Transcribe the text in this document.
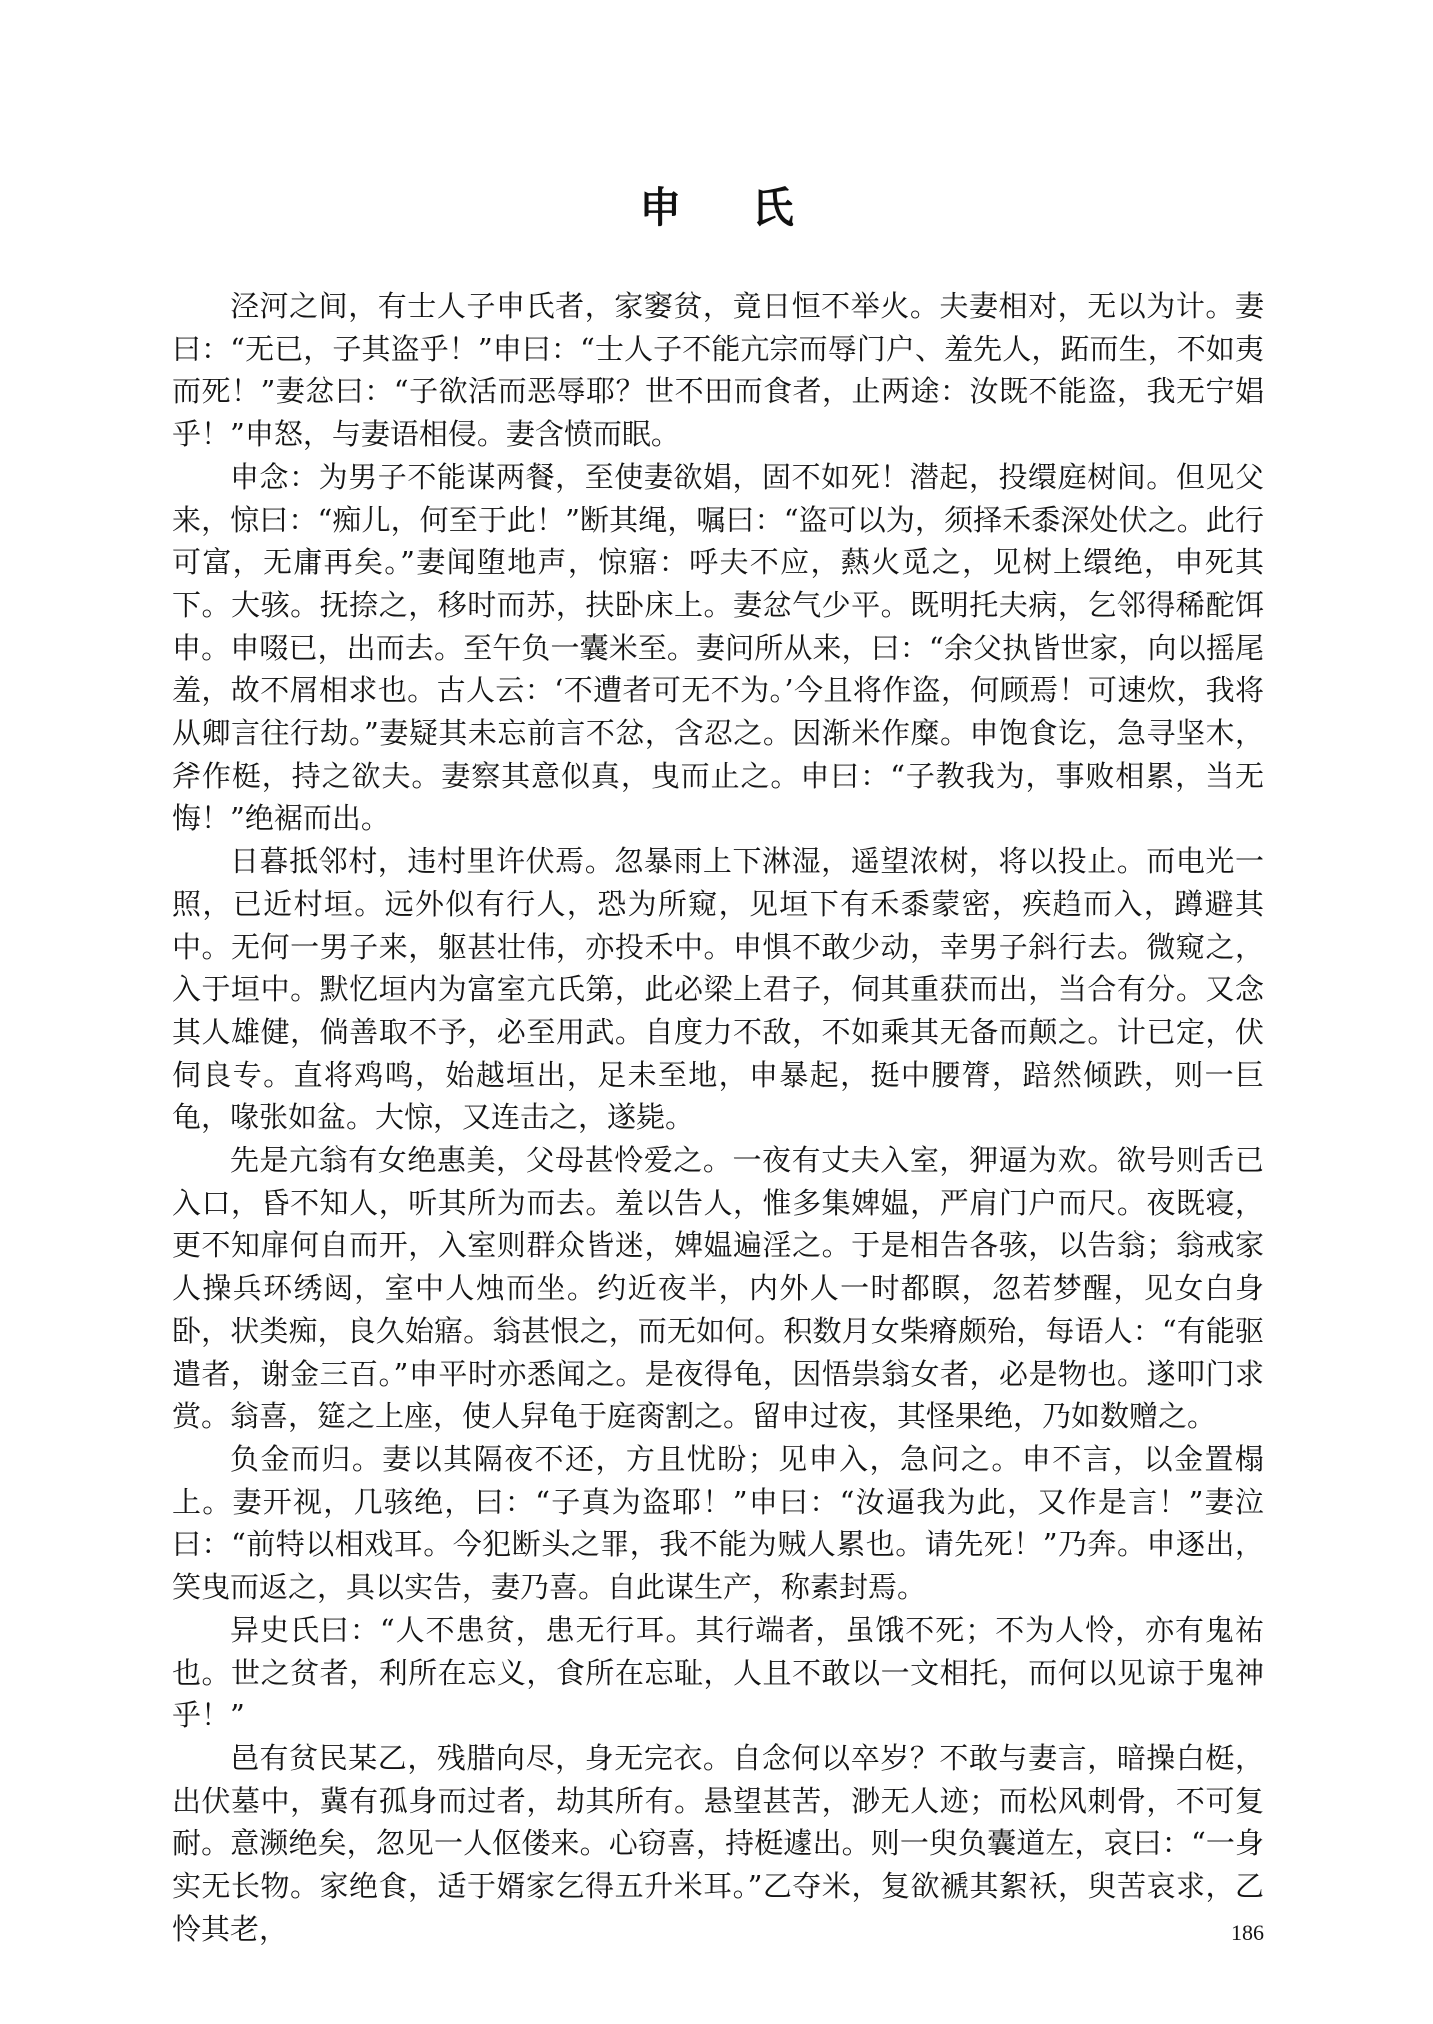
申 氏

泾河之间，有士人子申氏者，家窭贫，竟日恒不举火。夫妻相对，无以为计。妻曰：“无已，子其盗乎！”申曰：“士人子不能亢宗而辱门户、羞先人，跖而生，不如夷而死！”妻忿曰：“子欲活而恶辱耶？世不田而食者，止两途：汝既不能盗，我无宁娼乎！”申怒，与妻语相侵。妻含愤而眠。

申念：为男子不能谋两餐，至使妻欲娼，固不如死！潜起，投缳庭树间。但见父来，惊曰：“痴儿，何至于此！”断其绳，嘱曰：“盗可以为，须择禾黍深处伏之。此行可富，无庸再矣。”妻闻堕地声，惊寤：呼夫不应，爇火觅之，见树上缳绝，申死其下。大骇。抚捺之，移时而苏，扶卧床上。妻忿气少平。既明托夫病，乞邻得稀酡饵申。申啜已，出而去。至午负一囊米至。妻问所从来，曰：“余父执皆世家，向以摇尾羞，故不屑相求也。古人云：‘不遭者可无不为。’今且将作盗，何顾焉！可速炊，我将从卿言往行劫。”妻疑其未忘前言不忿，含忍之。因渐米作糜。申饱食讫，急寻坚木，斧作梃，持之欲夫。妻察其意似真，曳而止之。申曰：“子教我为，事败相累，当无悔！”绝裾而出。

日暮抵邻村，违村里许伏焉。忽暴雨上下淋湿，遥望浓树，将以投止。而电光一照，已近村垣。远外似有行人，恐为所窥，见垣下有禾黍蒙密，疾趋而入，蹲避其中。无何一男子来，躯甚壮伟，亦投禾中。申惧不敢少动，幸男子斜行去。微窥之，入于垣中。默忆垣内为富室亢氏第，此必梁上君子，伺其重获而出，当合有分。又念其人雄健，倘善取不予，必至用武。自度力不敌，不如乘其无备而颠之。计已定，伏伺良专。直将鸡鸣，始越垣出，足未至地，申暴起，挺中腰膂，踣然倾跌，则一巨龟，喙张如盆。大惊，又连击之，遂毙。

先是亢翁有女绝惠美，父母甚怜爱之。一夜有丈夫入室，狎逼为欢。欲号则舌已入口，昏不知人，听其所为而去。羞以告人，惟多集婢媪，严肩门户而尺。夜既寝，更不知扉何自而开，入室则群众皆迷，婢媪遍淫之。于是相告各骇，以告翁；翁戒家人操兵环绣闼，室中人烛而坐。约近夜半，内外人一时都瞑，忽若梦醒，见女白身卧，状类痴，良久始寤。翁甚恨之，而无如何。积数月女柴瘠颇殆，每语人：“有能驱遣者，谢金三百。”申平时亦悉闻之。是夜得龟，因悟祟翁女者，必是物也。遂叩门求赏。翁喜，筵之上座，使人舁龟于庭脔割之。留申过夜，其怪果绝，乃如数赠之。

负金而归。妻以其隔夜不还，方且忧盼；见申入，急问之。申不言，以金置榻上。妻开视，几骇绝，曰：“子真为盗耶！”申曰：“汝逼我为此，又作是言！”妻泣曰：“前特以相戏耳。今犯断头之罪，我不能为贼人累也。请先死！”乃奔。申逐出，笑曳而返之，具以实告，妻乃喜。自此谋生产，称素封焉。

异史氏曰：“人不患贫，患无行耳。其行端者，虽饿不死；不为人怜，亦有鬼祐也。世之贫者，利所在忘义，食所在忘耻，人且不敢以一文相托，而何以见谅于鬼神乎！”

邑有贫民某乙，残腊向尽，身无完衣。自念何以卒岁？不敢与妻言，暗操白梃，出伏墓中，冀有孤身而过者，劫其所有。悬望甚苦，渺无人迹；而松风刺骨，不可复耐。意濒绝矣，忽见一人伛偻来。心窃喜，持梃遽出。则一臾负囊道左，哀曰：“一身实无长物。家绝食，适于婿家乞得五升米耳。”乙夺米，复欲褫其絮袄，臾苦哀求，乙怜其老，	186
